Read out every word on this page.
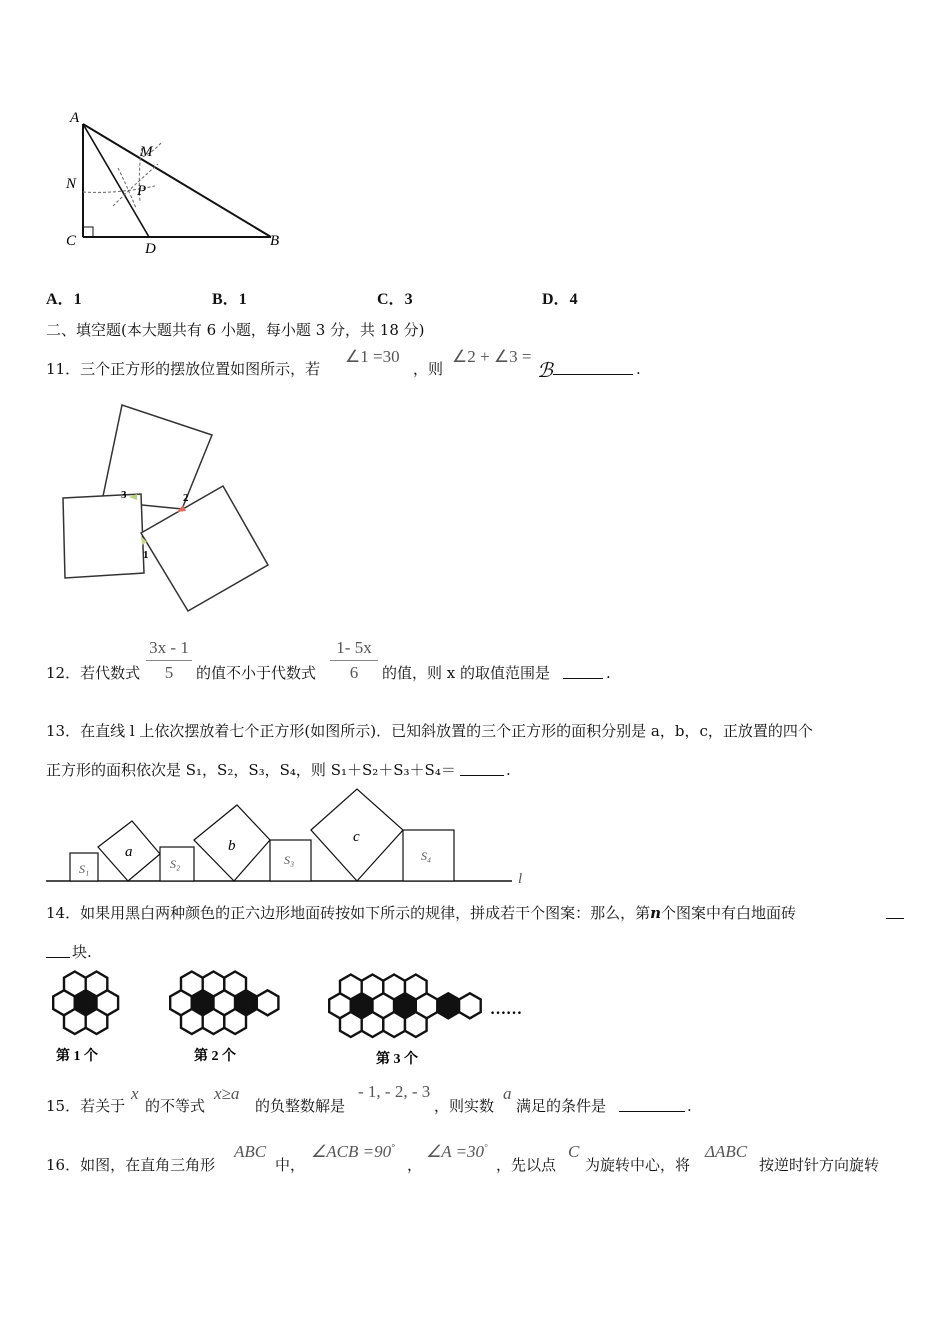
A
M
N	P
C	D	B
A．1	B．1	C．3	D．4
二、填空题(本大题共有 6 小题，每小题 3 分，共 18 分)
11．三个正方形的摆放位置如图所示，若
∠1 =30
，则
∠2 + ∠3 =
ℬ	.
3	2
1
12．若代数式
3x - 1
5	的值不小于代数式
1- 5x
6	的值，则 x 的取值范围是	.
13．在直线 l 上依次摆放着七个正方形(如图所示)．已知斜放置的三个正方形的面积分别是 a，b，c，正放置的四个
正方形的面积依次是 S₁，S₂，S₃，S₄，则 S₁＋S₂＋S₃＋S₄＝	.
S₁
a
S₂
b
S₃
c
S₄
l
14．如果用黑白两种颜色的正六边形地面砖按如下所示的规律，拼成若干个图案：那么，第n个图案中有白地面砖
块.
第 1 个	第 2 个	第 3 个
……
15．若关于
x
的不等式
x≥a
的负整数解是
- 1, - 2, - 3
，则实数
a
满足的条件是	.
16．如图，在直角三角形
ABC
中，
∠ACB =90°
，
∠A =30°
，先以点
C
为旋转中心，将
ΔABC
按逆时针方向旋转
